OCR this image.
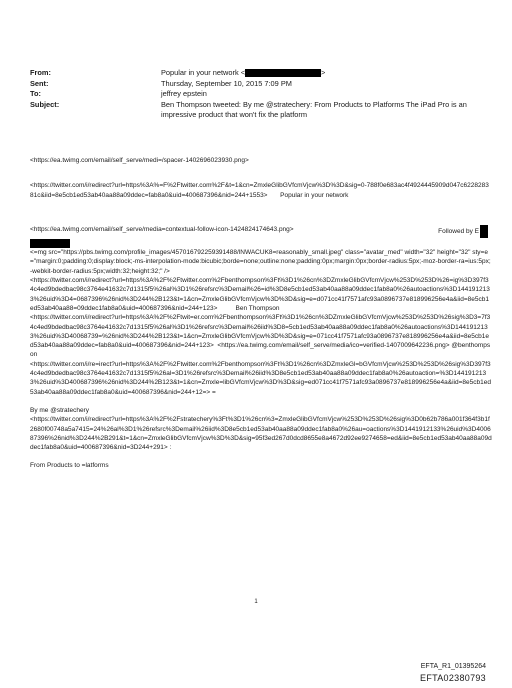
From:	Popular in your network <	>
Sent:	Thursday, September 10, 2015 7:09 PM
To:	jeffrey epstein
Subject:	Ben Thompson tweeted: By me @stratechery: From Products to Platforms The iPad Pro is an impressive product that won't fix the platform

<https://ea.twimg.com/email/self_serve/medi=/spacer-1402696023930.png>

<https://twitter.com/i/redirect?url=https%3A%=F%2Ftwitter.com%2F&t=1&cn=ZmxleGlibGVfcmVjcw%3D%3D&sig=0-788f0e683ac4f4924445909d047c622828381c&iid=8e5cb1ed53ab40aa88a09ddec=fab8a0&uid=400687396&nid=244+1553> Popular in your network

<https://ea.twimg.com/email/self_serve/media=contextual-follow-icon-1424824174643.png>	Followed by E

<=mg src="https://pbs.twimg.com/profile_images/457016792259391488/lNWACUK8=reasonably_small.jpeg" class="avatar_med" width="32" height="32" sty=e="margin:0;padding:0;display:block;-ms-interpolation-mode:bicubic;borde=none;outline:none;padding:0px;margin:0px;border-radius:5px;-moz-border-ra=ius:5px;-webkit-border-radius:5px;width:32;height:32;" />

<https://twitter.com/i/redirect?url=https%3A%2F%2Ftwitter.com%2Fbenthompson%3Ft%3D1%26cn%3DZmxleGlibGVfcmVjcw%253D%253D%26=ig%3D397f34c4ed9bdedbac98c3764e41632c7d1315f5%26al%3D1%26refsrc%3Demail%26=id%3D8e5cb1ed53ab40aa88a09ddec1fab8a0%26autoactions%3D1441912133%26uid%3D4=0687396%26nid%3D244%2B123&t=1&cn=ZmxleGlibGVfcmVjcw%3D%3D&sig=e=d071cc41f7571afc93a0896737e818996256e4a&iid=8e5cb1ed53ab40aa88=09ddec1fab8a0&uid=400687396&nid=244+123>	Ben Thompson

<https://twitter.com/i/redirect?url=https%3A%2F%2Ftwit=er.com%2Fbenthompson%3Ft%3D1%26cn%3DZmxleGlibGVfcmVjcw%253D%253D%26sig%3D3=7f34c4ed9bdedbac98c3764e41632c7d1315f5%26al%3D1%26refsrc%3Demail%26iid%3D8=5cb1ed53ab40aa88a09ddec1fab8a0%26autoactions%3D1441912133%26uid%3D40068739=%26nid%3D244%2B123&t=1&cn=ZmxleGlibGVfcmVjcw%3D%3D&sig=e=071cc41f7571afc93a0896737e818996256e4a&iid=8e5cb1ed53ab40aa88a09ddec=fab8a0&uid=400687396&nid=244+123>  <https://ea.twimg.com/email/self_serve/media/ico=verified-1407009642236.png> @benthompson

<https://twitter.com/i/re=irect?url=https%3A%2F%2Ftwitter.com%2Fbenthompson%3Ft%3D1%26cn%3DZmxleGl=bGVfcmVjcw%253D%253D%26sig%3D397f34c4ed9bdedbac98c3764e41632c7d1315f5%26al=3D1%26refsrc%3Demail%26iid%3D8e5cb1ed53ab40aa88a09ddec1fab8a0%26autoaction=%3D1441912133%26uid%3D400687396%26nid%3D244%2B123&t=1&cn=Zmxle=libGVfcmVjcw%3D%3D&sig=ed071cc41f7571afc93a0896737e818996256e4a&iid=8e5cb1ed53ab40aa88a09ddec1fab8a0&uid=400687396&nid=244+12=> =

By me @stratechery

<https://twitter.com/i/redirect?url=https%3A%2F%2Fstratechery%3Ft%3D1%26cn%3=ZmxleGlibGVfcmVjcw%253D%253D%26sig%3D0b62b786a001f364f3b1f2680f00748a5a7415=24%26al%3D1%26refsrc%3Demail%26iid%3D8e5cb1ed53ab40aa88a09ddec1fab8a0%26au=oactions%3D1441912133%26uid%3D400687396%26nid%3D244%2B291&t=1&cn=ZmxleGlibGVfcmVjcw%3D%3D&sig=95f3ed267d0dcd8655e8a4672d92ee9274658=ed&iid=8e5cb1ed53ab40aa88a09ddec1fab8a0&uid=400687396&nid=3D244+291> :

From Products to =latforms

1
EFTA_R1_01395264
EFTA02380793
